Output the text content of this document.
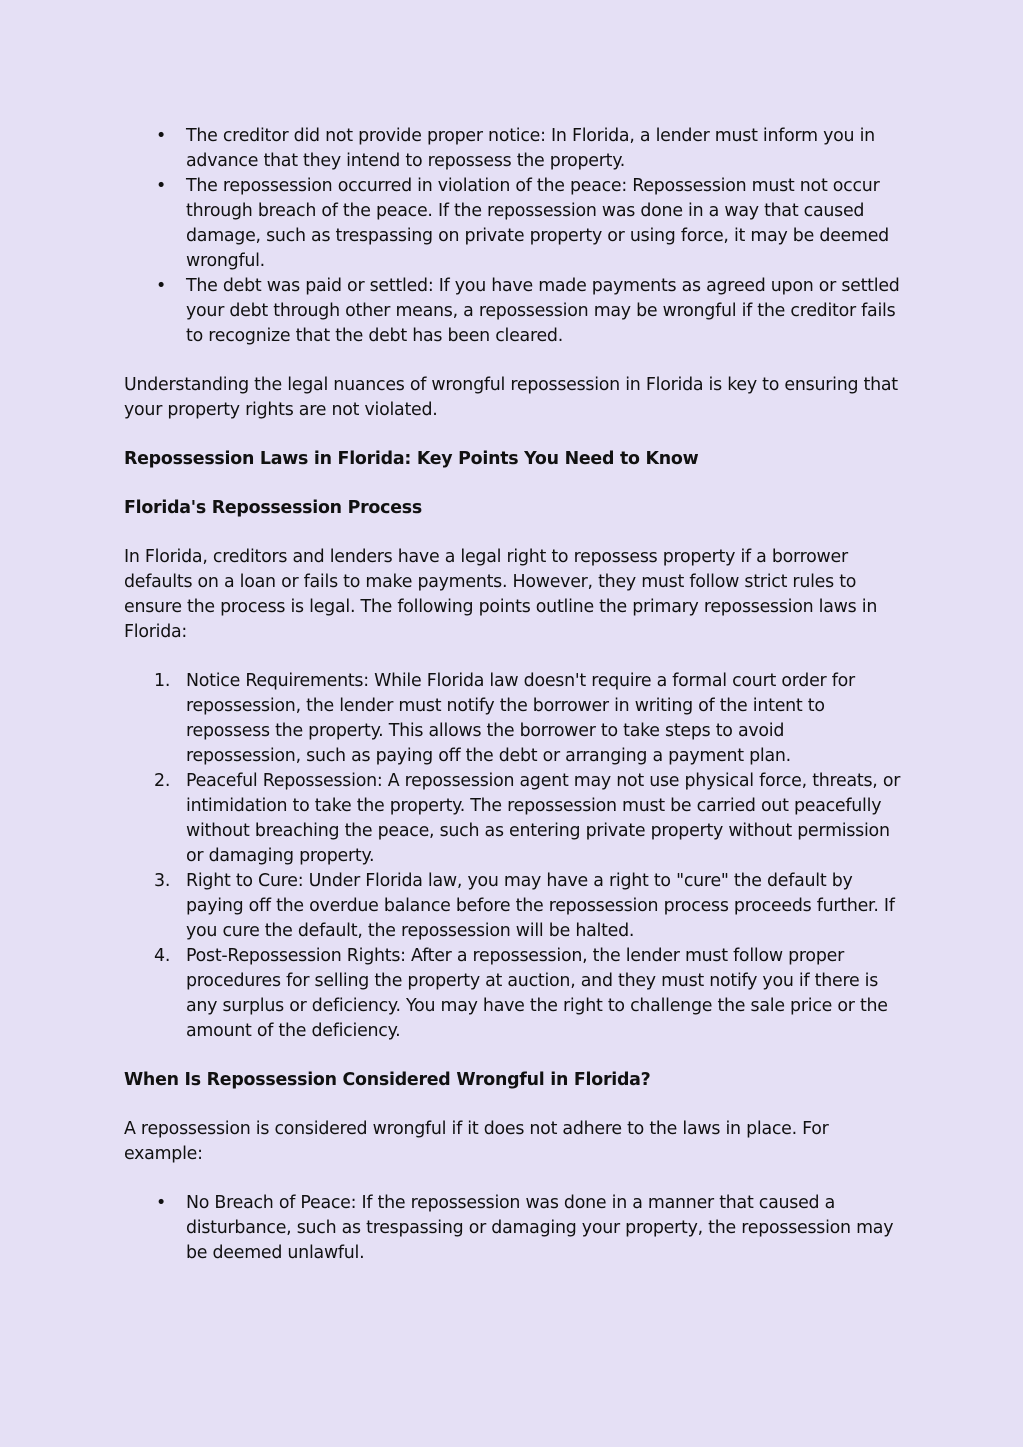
•	The creditor did not provide proper notice: In Florida, a lender must inform you in advance that they intend to repossess the property.
•	The repossession occurred in violation of the peace: Repossession must not occur through breach of the peace. If the repossession was done in a way that caused damage, such as trespassing on private property or using force, it may be deemed wrongful.
•	The debt was paid or settled: If you have made payments as agreed upon or settled your debt through other means, a repossession may be wrongful if the creditor fails to recognize that the debt has been cleared.

Understanding the legal nuances of wrongful repossession in Florida is key to ensuring that your property rights are not violated.

Repossession Laws in Florida: Key Points You Need to Know
Florida's Repossession Process

In Florida, creditors and lenders have a legal right to repossess property if a borrower defaults on a loan or fails to make payments. However, they must follow strict rules to ensure the process is legal. The following points outline the primary repossession laws in Florida:

1. Notice Requirements: While Florida law doesn't require a formal court order for repossession, the lender must notify the borrower in writing of the intent to repossess the property. This allows the borrower to take steps to avoid repossession, such as paying off the debt or arranging a payment plan.
2. Peaceful Repossession: A repossession agent may not use physical force, threats, or intimidation to take the property. The repossession must be carried out peacefully without breaching the peace, such as entering private property without permission or damaging property.
3. Right to Cure: Under Florida law, you may have a right to "cure" the default by paying off the overdue balance before the repossession process proceeds further. If you cure the default, the repossession will be halted.
4. Post-Repossession Rights: After a repossession, the lender must follow proper procedures for selling the property at auction, and they must notify you if there is any surplus or deficiency. You may have the right to challenge the sale price or the amount of the deficiency.
When Is Repossession Considered Wrongful in Florida?

A repossession is considered wrongful if it does not adhere to the laws in place. For example:

•	No Breach of Peace: If the repossession was done in a manner that caused a disturbance, such as trespassing or damaging your property, the repossession may be deemed unlawful.
